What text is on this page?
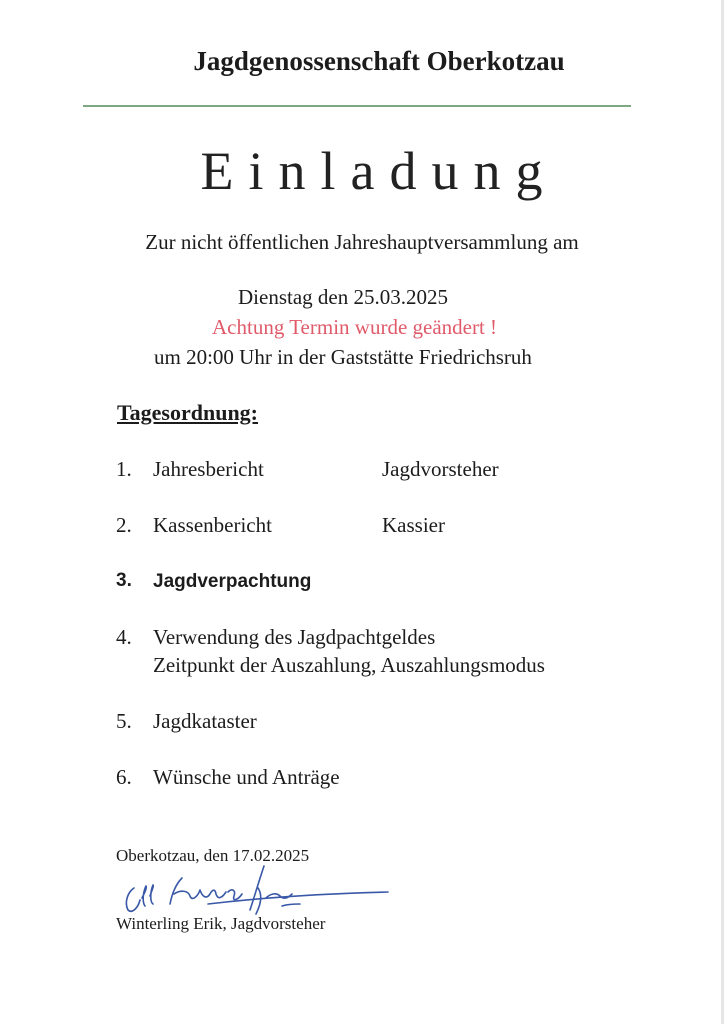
Jagdgenossenschaft Oberkotzau
Einladung
Zur nicht öffentlichen Jahreshauptversammlung am
Dienstag den 25.03.2025
Achtung Termin wurde geändert !
um 20:00 Uhr in der Gaststätte Friedrichsruh
Tagesordnung:
1. Jahresbericht	Jagdvorsteher
2. Kassenbericht	Kassier
3. Jagdverpachtung
4. Verwendung des Jagdpachtgeldes
Zeitpunkt der Auszahlung, Auszahlungsmodus
5. Jagdkataster
6. Wünsche und Anträge
Oberkotzau, den 17.02.2025
Winterling Erik, Jagdvorsteher
